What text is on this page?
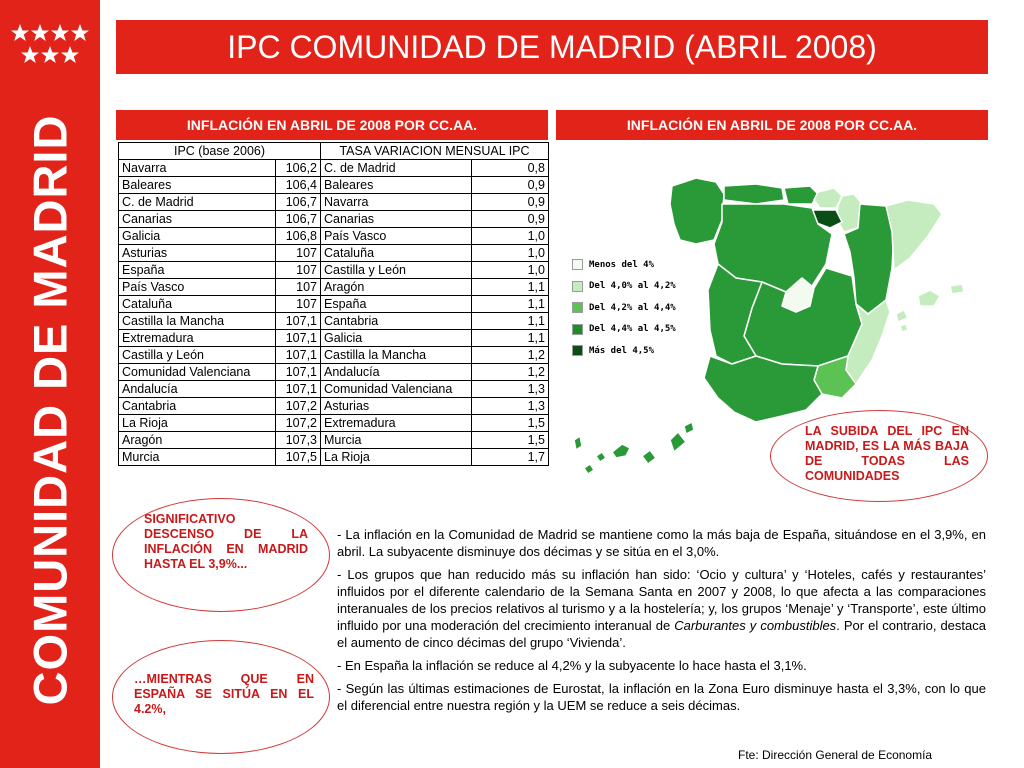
COMUNIDAD DE MADRID
IPC COMUNIDAD DE MADRID (ABRIL 2008)
INFLACIÓN EN ABRIL DE 2008 POR CC.AA.	INFLACIÓN EN ABRIL DE 2008 POR CC.AA.
IPC (base 2006)		TASA VARIACION MENSUAL IPC	
Navarra	106,2	C. de Madrid	0,8
Baleares	106,4	Baleares	0,9
C. de Madrid	106,7	Navarra	0,9
Canarias	106,7	Canarias	0,9
Galicia	106,8	País Vasco	1,0
Asturias	107	Cataluña	1,0
España	107	Castilla y León	1,0
País Vasco	107	Aragón	1,1
Cataluña	107	España	1,1
Castilla la Mancha	107,1	Cantabria	1,1
Extremadura	107,1	Galicia	1,1
Castilla y León	107,1	Castilla la Mancha	1,2
Comunidad Valenciana	107,1	Andalucía	1,2
Andalucía	107,1	Comunidad Valenciana	1,3
Cantabria	107,2	Asturias	1,3
La Rioja	107,2	Extremadura	1,5
Aragón	107,3	Murcia	1,5
Murcia	107,5	La Rioja	1,7
Menos del 4%
Del 4,0% al 4,2%
Del 4,2% al 4,4%
Del 4,4% al 4,5%
Más del 4,5%
LA SUBIDA DEL IPC EN MADRID, ES LA MÁS BAJA DE TODAS LAS COMUNIDADES
SIGNIFICATIVO DESCENSO DE LA INFLACIÓN EN MADRID HASTA EL 3,9%...
…MIENTRAS QUE EN ESPAÑA SE SITÚA EN EL 4.2%,

- La inflación en la Comunidad de Madrid se mantiene como la más baja de España, situándose en el 3,9%, en abril. La subyacente disminuye dos décimas y se sitúa en el 3,0%.

- Los grupos que han reducido más su inflación han sido: ‘Ocio y cultura’ y ‘Hoteles, cafés y restaurantes’ influidos por el diferente calendario de la Semana Santa en 2007 y 2008, lo que afecta a las comparaciones interanuales de los precios relativos al turismo y a la hostelería; y, los grupos ‘Menaje’ y ‘Transporte’, este último influido por una moderación del crecimiento interanual de Carburantes y combustibles. Por el contrario, destaca el aumento de cinco décimas del grupo ‘Vivienda’.

- En España la inflación se reduce al 4,2% y la subyacente lo hace hasta el 3,1%.

- Según las últimas estimaciones de Eurostat, la inflación en la Zona Euro disminuye hasta el 3,3%, con lo que el diferencial entre nuestra región y la UEM se reduce a seis décimas.

Fte: Dirección General de Economía
